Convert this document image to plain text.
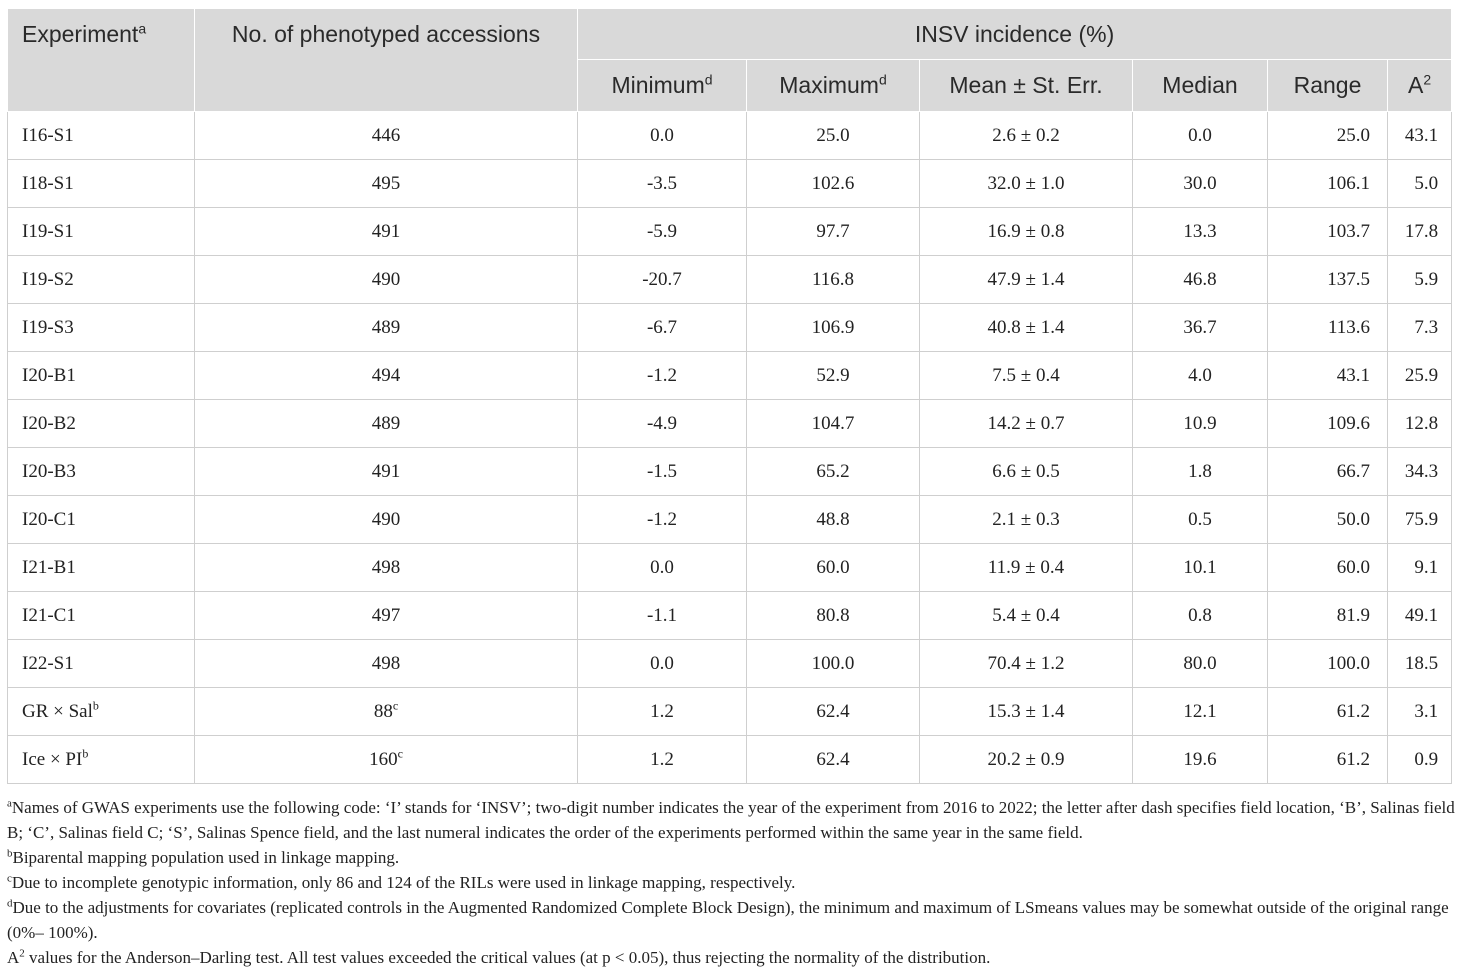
Experiment$^a$	No. of phenotyped accessions	INSV incidence (%)					
		Minimum$^d$	Maximum$^d$	Mean ± St. Err.	Median	Range	$A^2$
I16-S1	446	0.0	25.0	2.6 ± 0.2	0.0	25.0	43.1
I18-S1	495	-3.5	102.6	32.0 ± 1.0	30.0	106.1	5.0
I19-S1	491	-5.9	97.7	16.9 ± 0.8	13.3	103.7	17.8
I19-S2	490	-20.7	116.8	47.9 ± 1.4	46.8	137.5	5.9
I19-S3	489	-6.7	106.9	40.8 ± 1.4	36.7	113.6	7.3
I20-B1	494	-1.2	52.9	7.5 ± 0.4	4.0	43.1	25.9
I20-B2	489	-4.9	104.7	14.2 ± 0.7	10.9	109.6	12.8
I20-B3	491	-1.5	65.2	6.6 ± 0.5	1.8	66.7	34.3
I20-C1	490	-1.2	48.8	2.1 ± 0.3	0.5	50.0	75.9
I21-B1	498	0.0	60.0	11.9 ± 0.4	10.1	60.0	9.1
I21-C1	497	-1.1	80.8	5.4 ± 0.4	0.8	81.9	49.1
I22-S1	498	0.0	100.0	70.4 ± 1.2	80.0	100.0	18.5
GR × Sal$^b$	88$^c$	1.2	62.4	15.3 ± 1.4	12.1	61.2	3.1
Ice × $PI^b$	160$^c$	1.2	62.4	20.2 ± 0.9	19.6	61.2	0.9

$^a$Names of GWAS experiments use the following code: ‘I’ stands for ‘INSV’; two-digit number indicates the year of the experiment from 2016 to 2022; the letter after dash specifies field location, ‘B’, Salinas field B; ‘C’, Salinas field C; ‘S’, Salinas Spence field, and the last numeral indicates the order of the experiments performed within the same year in the same field.

$^b$Biparental mapping population used in linkage mapping.

$^c$Due to incomplete genotypic information, only 86 and 124 of the RILs were used in linkage mapping, respectively.

$^d$Due to the adjustments for covariates (replicated controls in the Augmented Randomized Complete Block Design), the minimum and maximum of LSmeans values may be somewhat outside of the original range (0%– 100%).

$A^2$ values for the Anderson–Darling test. All test values exceeded the critical values (at p < 0.05), thus rejecting the normality of the distribution.
